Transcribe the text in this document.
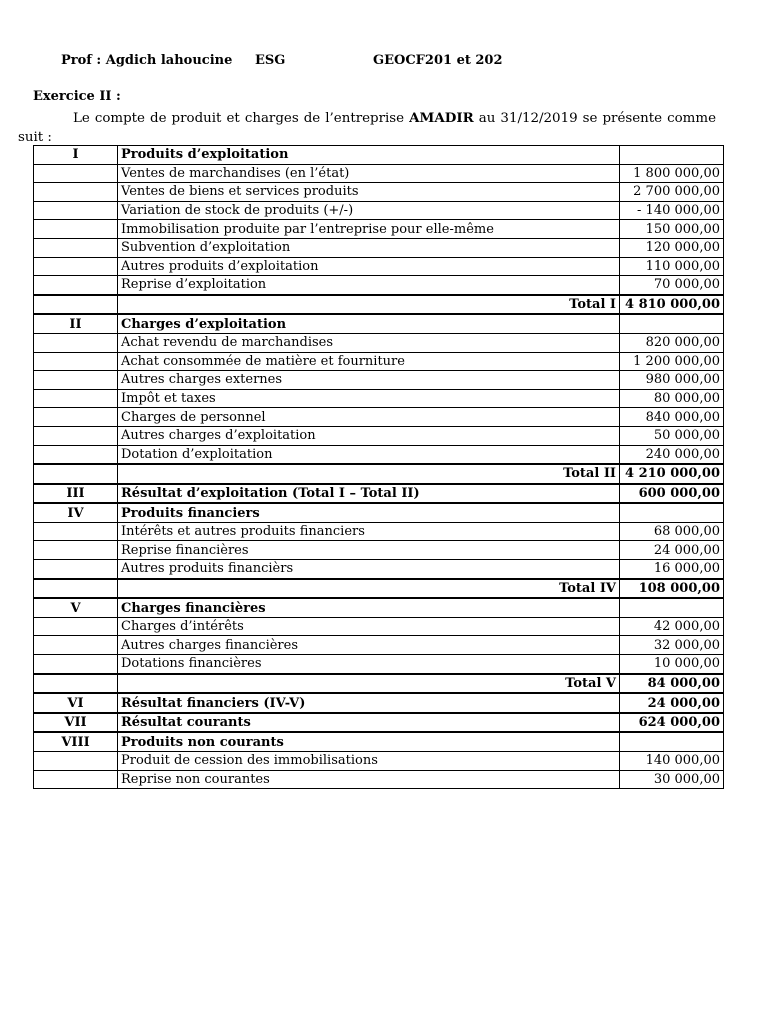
Prof : Agdich lahoucine ESG	GEOCF201 et 202
Exercice II :
Le compte de produit et charges de l’entreprise AMADIR au 31/12/2019 se présente comme suit :
I	Produits d’exploitation	
	Ventes de marchandises (en l’état)	1 800 000,00
	Ventes de biens et services produits	2 700 000,00
	Variation de stock de produits (+/-)	- 140 000,00
	Immobilisation produite par l’entreprise pour elle-même	150 000,00
	Subvention d’exploitation	120 000,00
	Autres produits d’exploitation	110 000,00
	Reprise d’exploitation	70 000,00
	Total I	4 810 000,00
II	Charges d’exploitation	
	Achat revendu de marchandises	820 000,00
	Achat consommée de matière et fourniture	1 200 000,00
	Autres charges externes	980 000,00
	Impôt et taxes	80 000,00
	Charges de personnel	840 000,00
	Autres charges d’exploitation	50 000,00
	Dotation d’exploitation	240 000,00
	Total II	4 210 000,00
III	Résultat d’exploitation (Total I – Total II)	600 000,00
IV	Produits financiers	
	Intérêts et autres produits financiers	68 000,00
	Reprise financières	24 000,00
	Autres produits financièrs	16 000,00
	Total IV	108 000,00
V	Charges financières	
	Charges d’intérêts	42 000,00
	Autres charges financières	32 000,00
	Dotations financières	10 000,00
	Total V	84 000,00
VI	Résultat financiers (IV-V)	24 000,00
VII	Résultat courants	624 000,00
VIII	Produits non courants	
	Produit de cession des immobilisations	140 000,00
	Reprise non courantes	30 000,00
